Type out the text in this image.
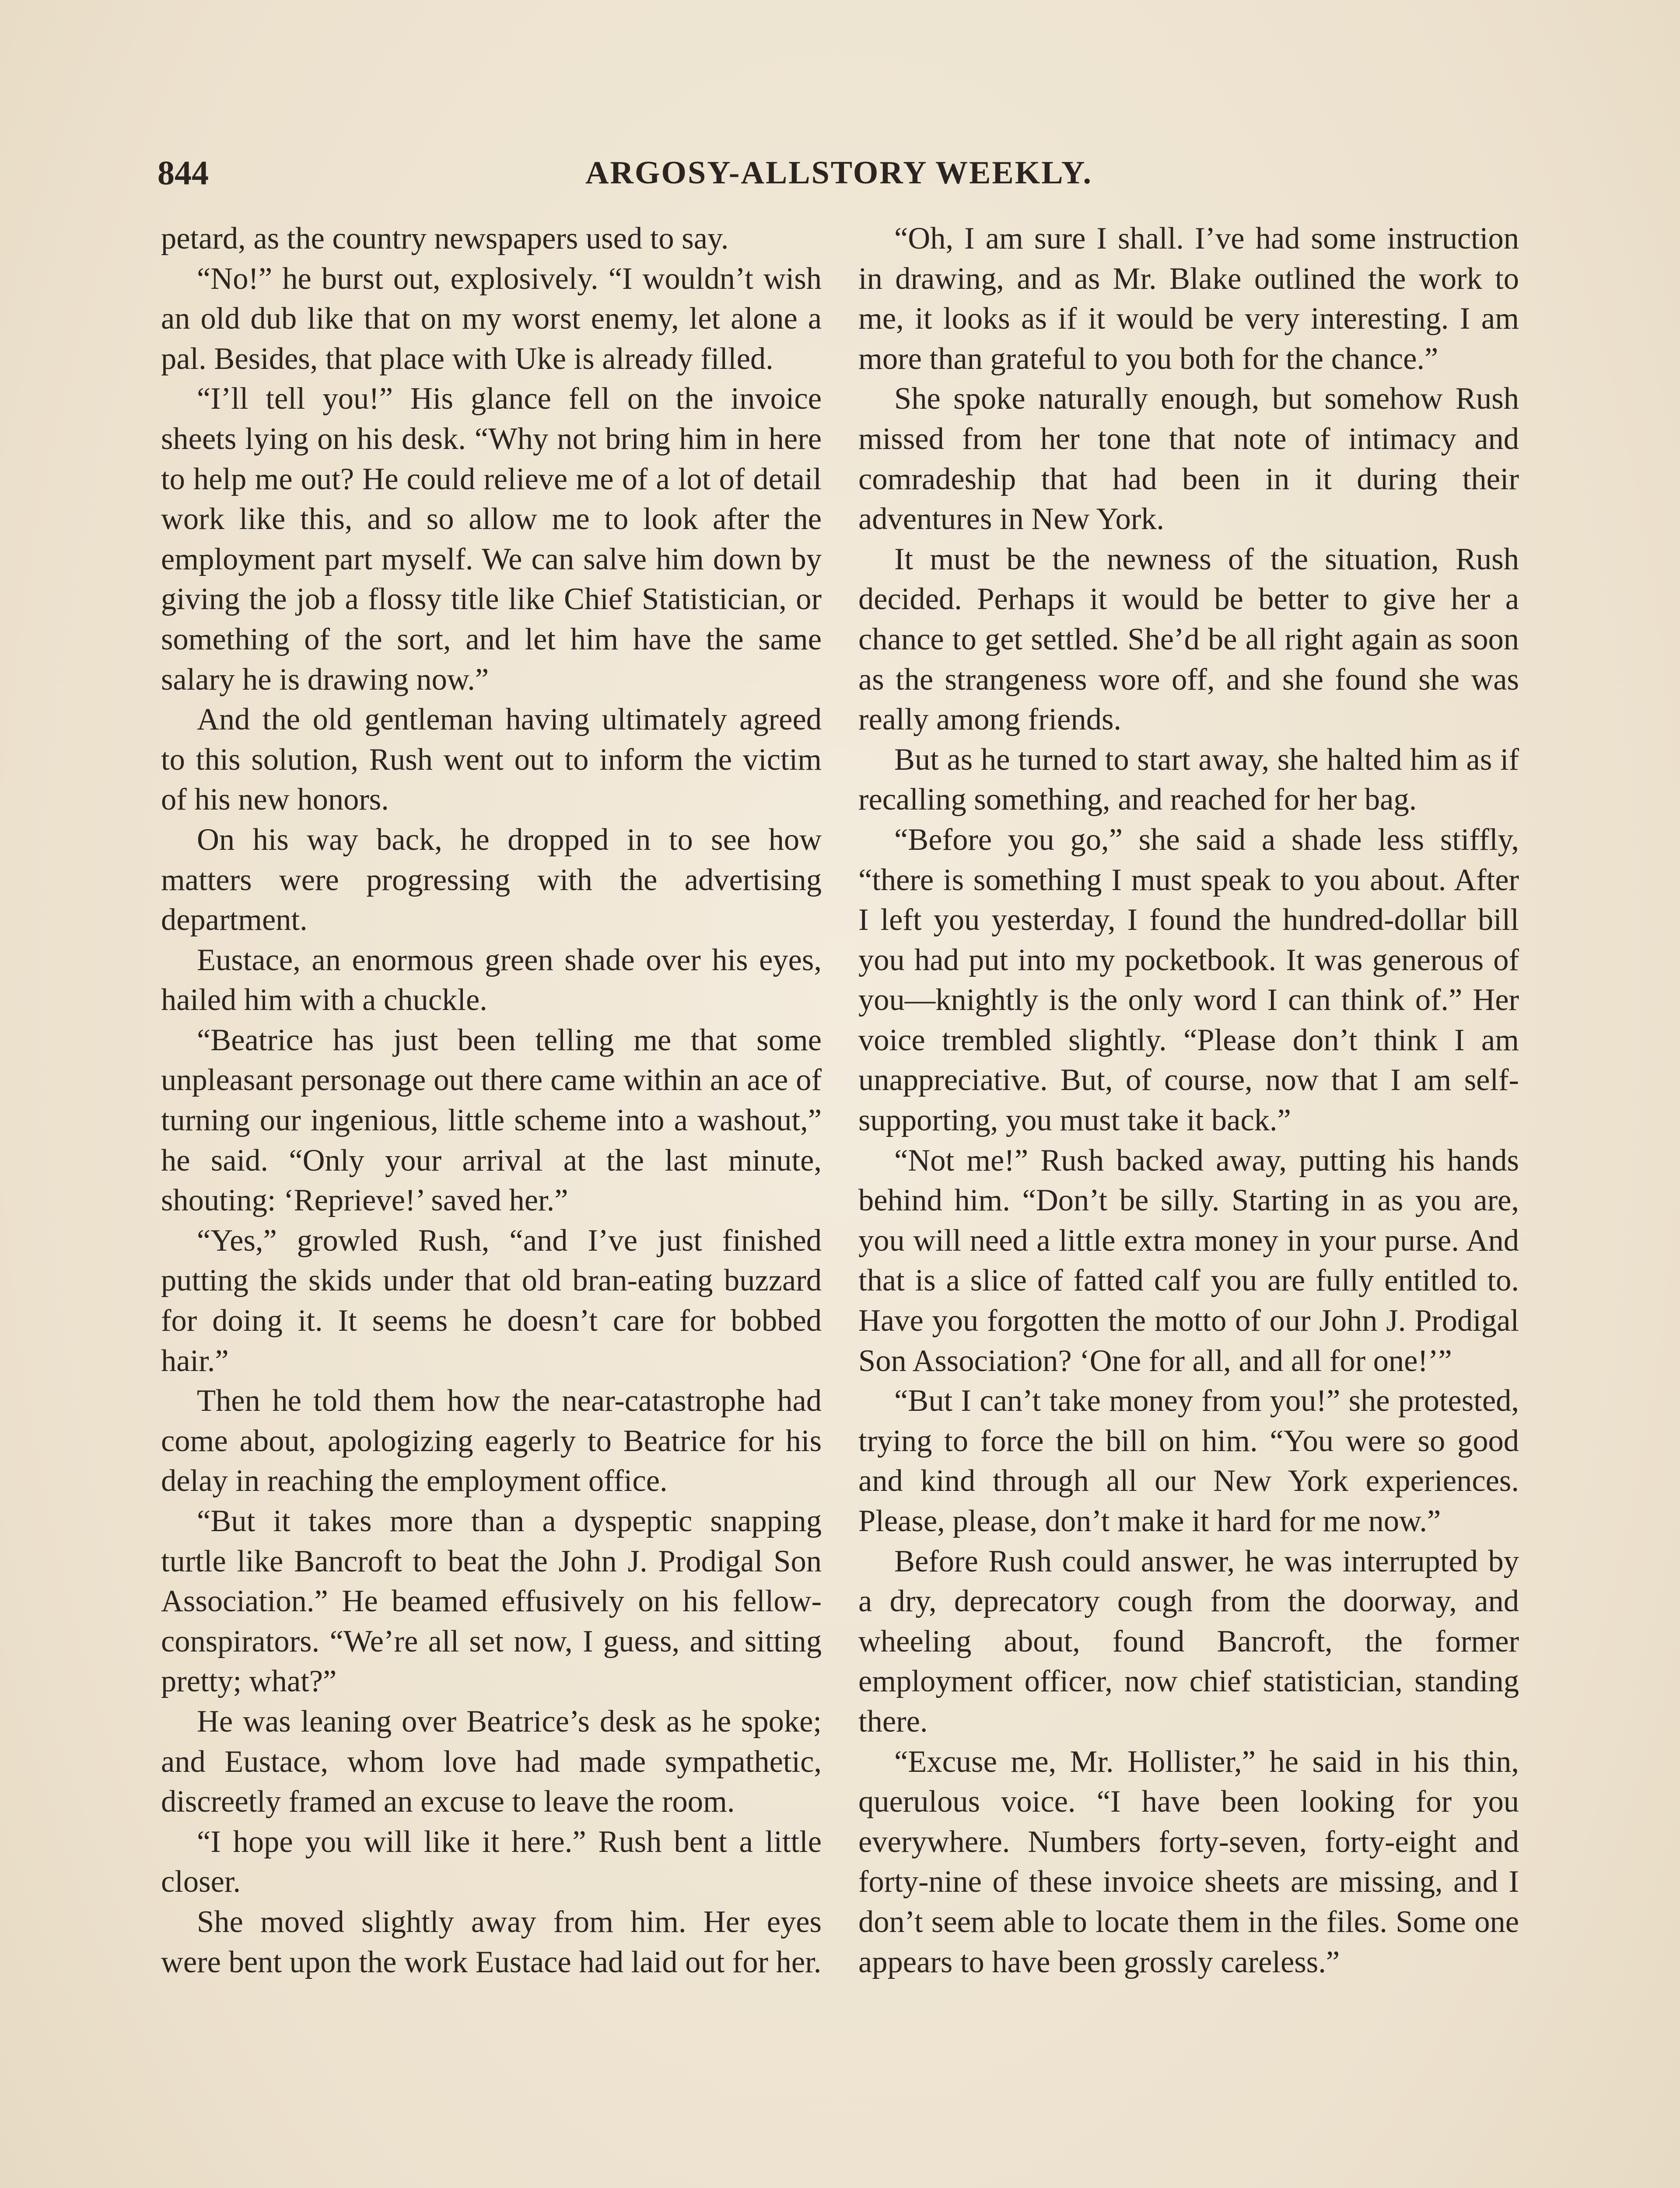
844	ARGOSY-ALLSTORY WEEKLY.

petard, as the country newspapers used to say.

“No!” he burst out, explosively. “I wouldn’t wish an old dub like that on my worst enemy, let alone a pal. Besides, that place with Uke is already filled.

“I’ll tell you!” His glance fell on the invoice sheets lying on his desk. “Why not bring him in here to help me out? He could relieve me of a lot of detail work like this, and so allow me to look after the employment part myself. We can salve him down by giving the job a flossy title like Chief Statistician, or something of the sort, and let him have the same salary he is drawing now.”

And the old gentleman having ultimately agreed to this solution, Rush went out to inform the victim of his new honors.

On his way back, he dropped in to see how matters were progressing with the advertising department.

Eustace, an enormous green shade over his eyes, hailed him with a chuckle.

“Beatrice has just been telling me that some unpleasant personage out there came within an ace of turning our ingenious, little scheme into a washout,” he said. “Only your arrival at the last minute, shouting: ‘Reprieve!’ saved her.”

“Yes,” growled Rush, “and I’ve just finished putting the skids under that old bran-eating buzzard for doing it. It seems he doesn’t care for bobbed hair.”

Then he told them how the near-catastrophe had come about, apologizing eagerly to Beatrice for his delay in reaching the employment office.

“But it takes more than a dyspeptic snapping turtle like Bancroft to beat the John J. Prodigal Son Association.” He beamed effusively on his fellow-conspirators. “We’re all set now, I guess, and sitting pretty; what?”

He was leaning over Beatrice’s desk as he spoke; and Eustace, whom love had made sympathetic, discreetly framed an excuse to leave the room.

“I hope you will like it here.” Rush bent a little closer.

She moved slightly away from him. Her eyes were bent upon the work Eustace had laid out for her.

“Oh, I am sure I shall. I’ve had some instruction in drawing, and as Mr. Blake outlined the work to me, it looks as if it would be very interesting. I am more than grateful to you both for the chance.”

She spoke naturally enough, but somehow Rush missed from her tone that note of intimacy and comradeship that had been in it during their adventures in New York.

It must be the newness of the situation, Rush decided. Perhaps it would be better to give her a chance to get settled. She’d be all right again as soon as the strangeness wore off, and she found she was really among friends.

But as he turned to start away, she halted him as if recalling something, and reached for her bag.

“Before you go,” she said a shade less stiffly, “there is something I must speak to you about. After I left you yesterday, I found the hundred-dollar bill you had put into my pocketbook. It was generous of you—knightly is the only word I can think of.” Her voice trembled slightly. “Please don’t think I am unappreciative. But, of course, now that I am self-supporting, you must take it back.”

“Not me!” Rush backed away, putting his hands behind him. “Don’t be silly. Starting in as you are, you will need a little extra money in your purse. And that is a slice of fatted calf you are fully entitled to. Have you forgotten the motto of our John J. Prodigal Son Association? ‘One for all, and all for one!’”

“But I can’t take money from you!” she protested, trying to force the bill on him. “You were so good and kind through all our New York experiences. Please, please, don’t make it hard for me now.”

Before Rush could answer, he was interrupted by a dry, deprecatory cough from the doorway, and wheeling about, found Bancroft, the former employment officer, now chief statistician, standing there.

“Excuse me, Mr. Hollister,” he said in his thin, querulous voice. “I have been looking for you everywhere. Numbers forty-seven, forty-eight and forty-nine of these invoice sheets are missing, and I don’t seem able to locate them in the files. Some one appears to have been grossly careless.”
